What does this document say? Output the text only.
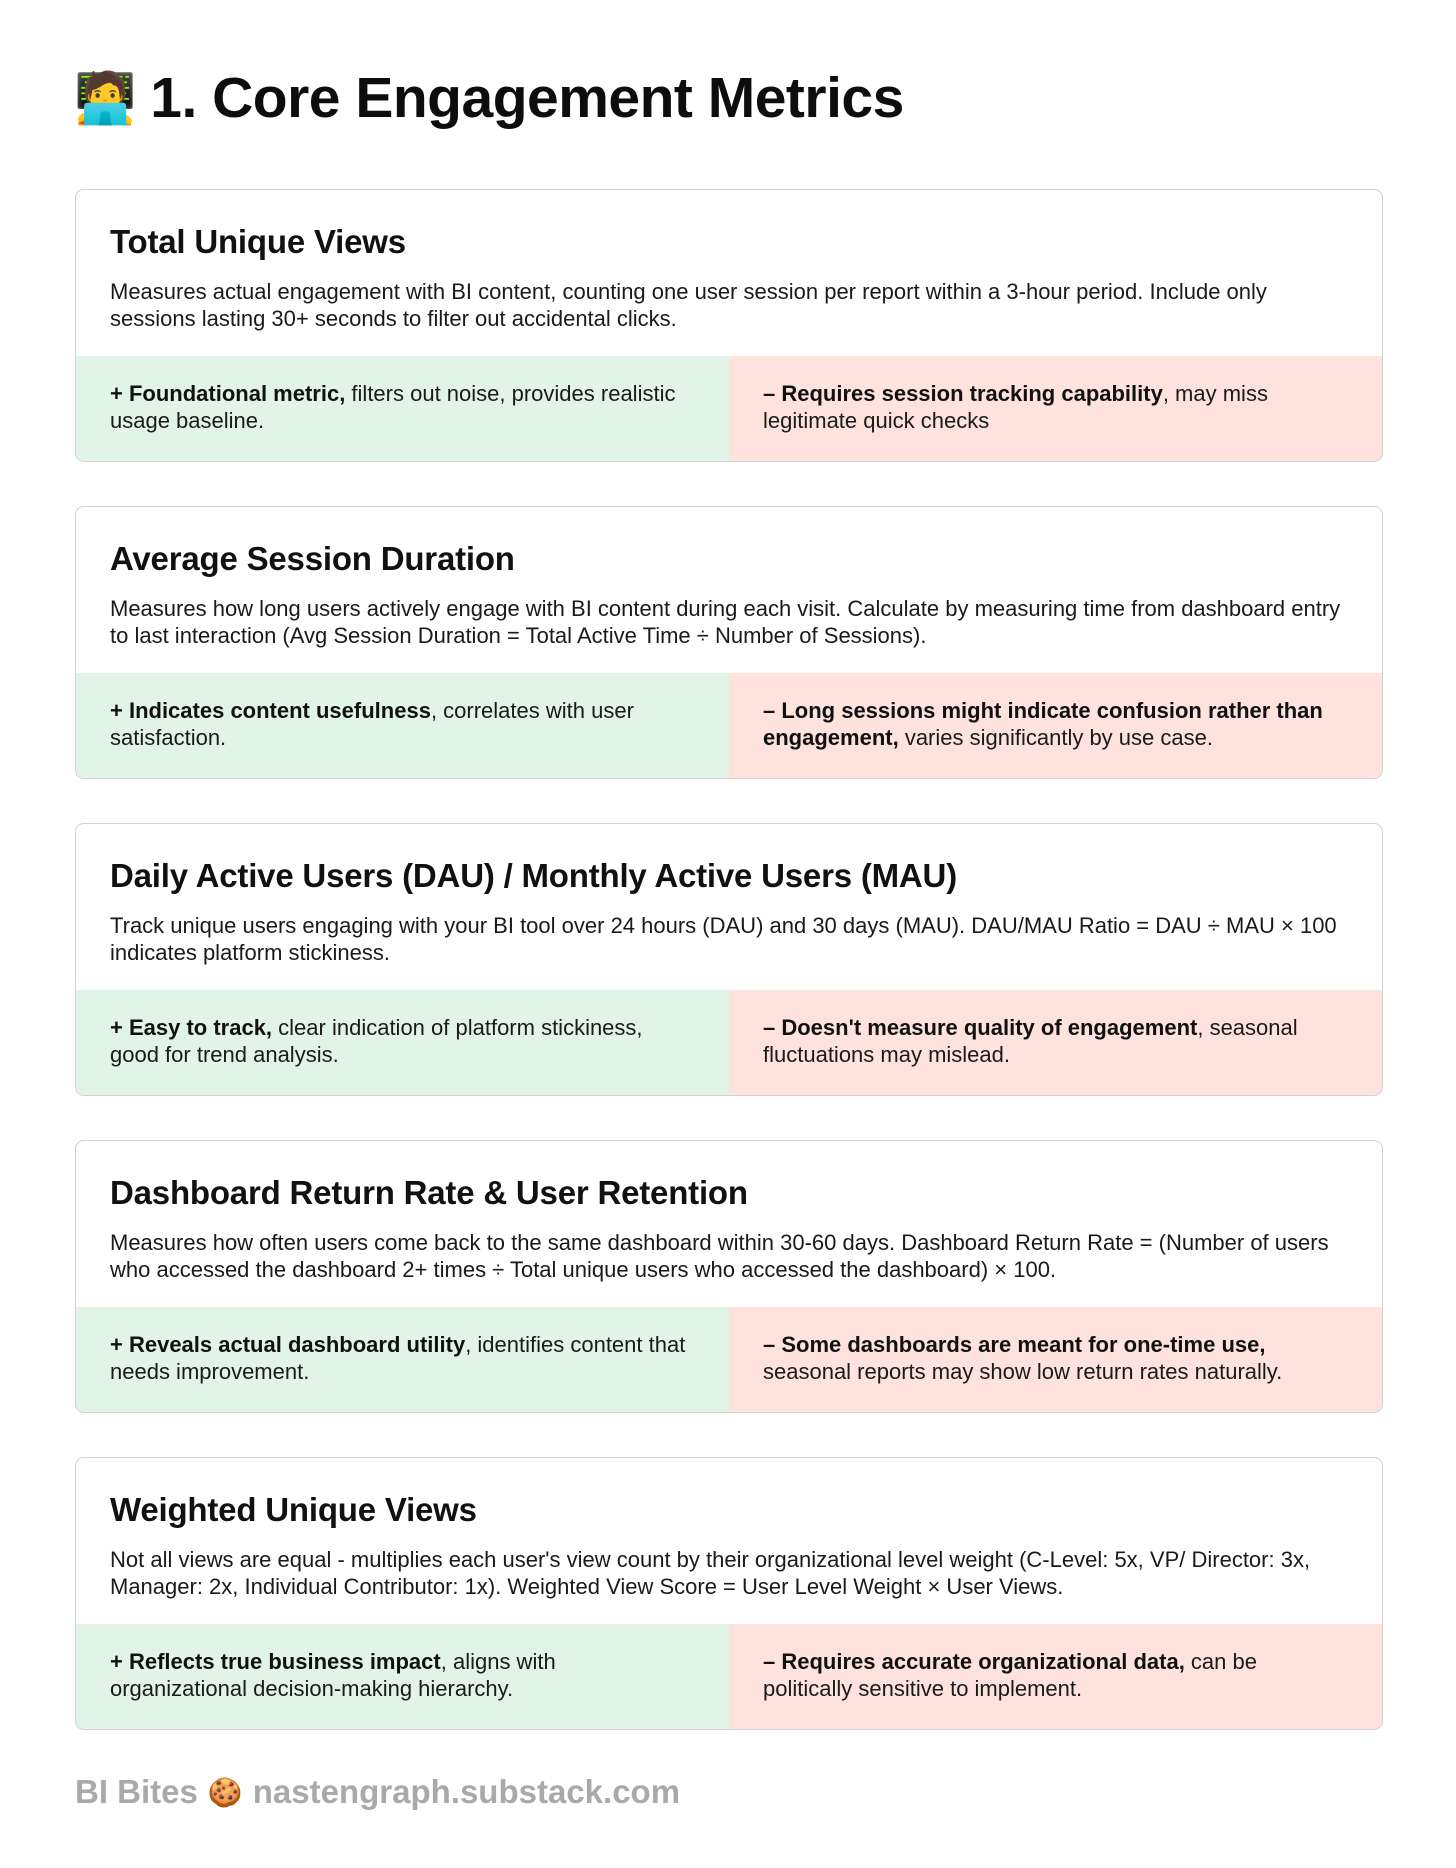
🧑‍💻 1. Core Engagement Metrics
Total Unique Views

Measures actual engagement with BI content, counting one user session per report within a 3-hour period. Include only sessions lasting 30+ seconds to filter out accidental clicks.

+ Foundational metric, filters out noise, provides realistic usage baseline.
– Requires session tracking capability, may miss legitimate quick checks
Average Session Duration

Measures how long users actively engage with BI content during each visit. Calculate by measuring time from dashboard entry to last interaction (Avg Session Duration = Total Active Time ÷ Number of Sessions).

+ Indicates content usefulness, correlates with user satisfaction.
– Long sessions might indicate confusion rather than engagement, varies significantly by use case.
Daily Active Users (DAU) / Monthly Active Users (MAU)

Track unique users engaging with your BI tool over 24 hours (DAU) and 30 days (MAU). DAU/MAU Ratio = DAU ÷ MAU × 100 indicates platform stickiness.

+ Easy to track, clear indication of platform stickiness, good for trend analysis.
– Doesn't measure quality of engagement, seasonal fluctuations may mislead.
Dashboard Return Rate & User Retention

Measures how often users come back to the same dashboard within 30-60 days. Dashboard Return Rate = (Number of users who accessed the dashboard 2+ times ÷ Total unique users who accessed the dashboard) × 100.

+ Reveals actual dashboard utility, identifies content that needs improvement.
– Some dashboards are meant for one-time use, seasonal reports may show low return rates naturally.
Weighted Unique Views

Not all views are equal - multiplies each user's view count by their organizational level weight (C-Level: 5x, VP/ Director: 3x, Manager: 2x, Individual Contributor: 1x). Weighted View Score = User Level Weight × User Views.

+ Reflects true business impact, aligns with organizational decision-making hierarchy.
– Requires accurate organizational data, can be politically sensitive to implement.
BI Bites 🍪 nastengraph.substack.com
